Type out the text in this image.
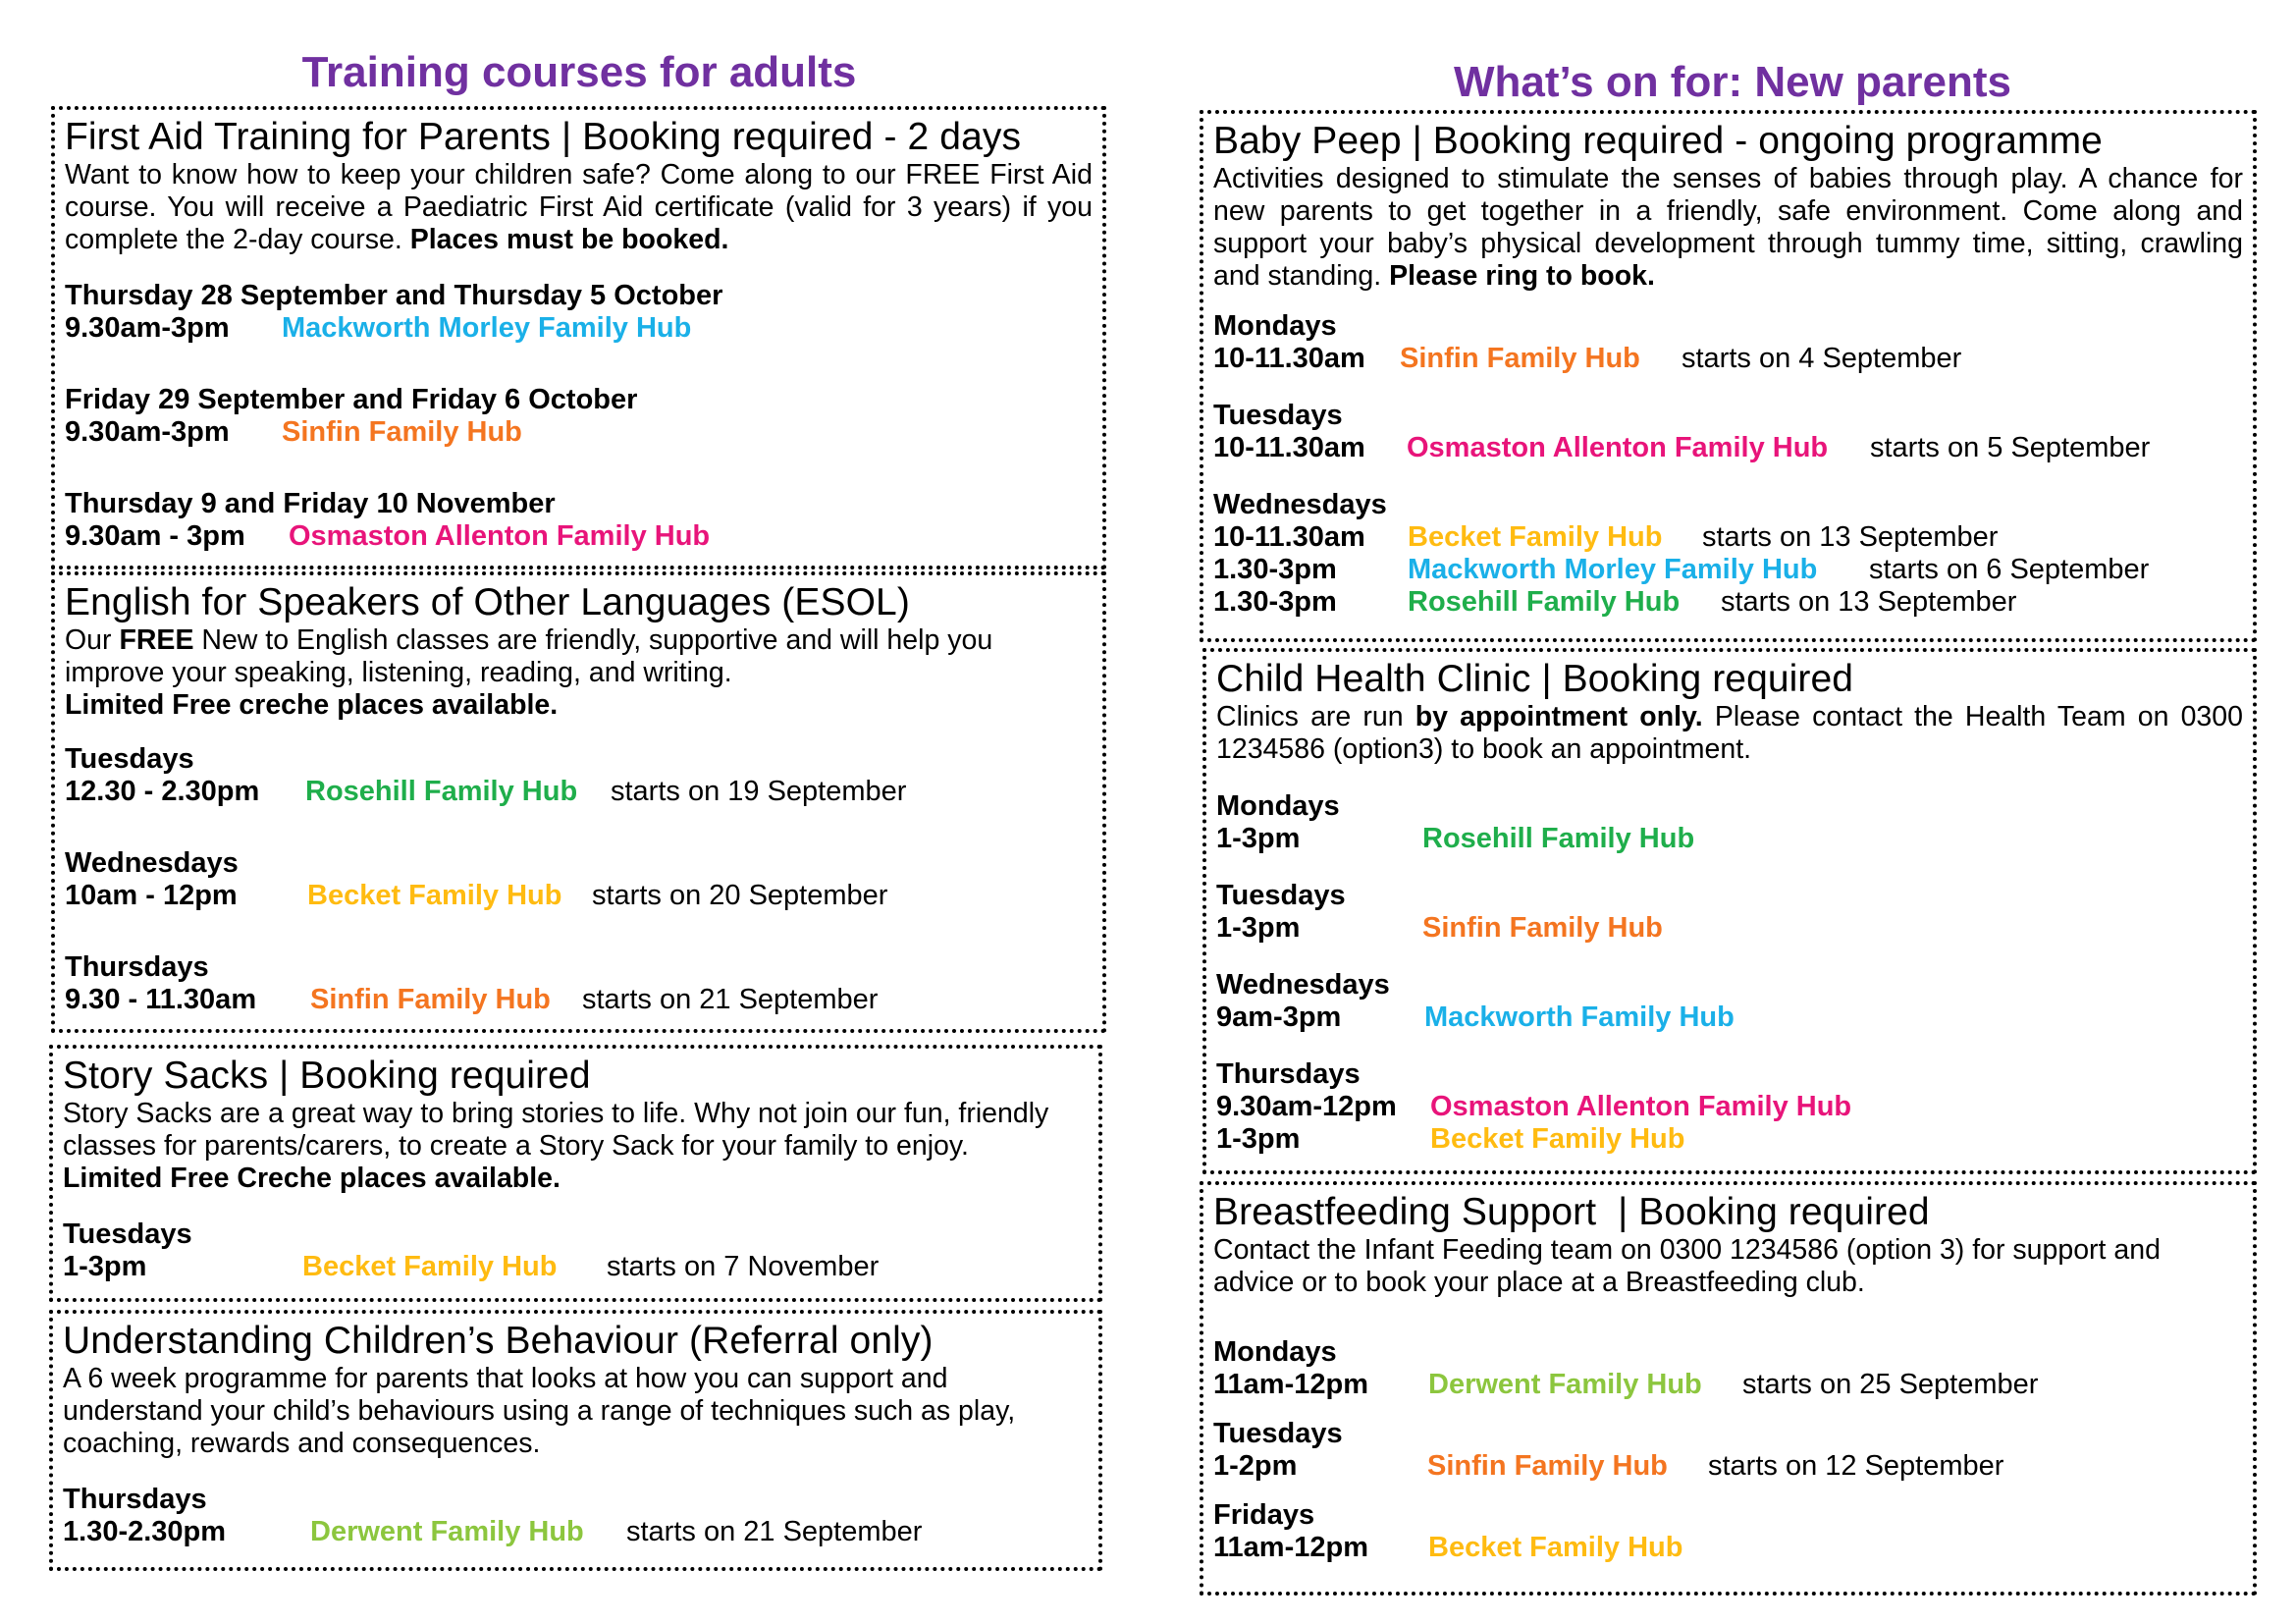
Training courses for adults	What’s on for: New parents
First Aid Training for Parents | Booking required - 2 days

Want to know how to keep your children safe? Come along to our FREE First Aid course. You will receive a Paediatric First Aid certificate (valid for 3 years) if you complete the 2-day course. Places must be booked.

Thursday 28 September and Thursday 5 October
9.30am-3pm Mackworth Morley Family Hub
Friday 29 September and Friday 6 October
9.30am-3pm Sinfin Family Hub
Thursday 9 and Friday 10 November
9.30am - 3pm Osmaston Allenton Family Hub
English for Speakers of Other Languages (ESOL)

Our FREE New to English classes are friendly, supportive and will help you improve your speaking, listening, reading, and writing.
Limited Free creche places available.

Tuesdays
12.30 - 2.30pm Rosehill Family Hub starts on 19 September
Wednesdays
10am - 12pm Becket Family Hub starts on 20 September
Thursdays
9.30 - 11.30am Sinfin Family Hub starts on 21 September
Story Sacks | Booking required

Story Sacks are a great way to bring stories to life. Why not join our fun, friendly classes for parents/carers, to create a Story Sack for your family to enjoy. Limited Free Creche places available.

Tuesdays
1-3pm	Becket Family Hub starts on 7 November
Understanding Children’s Behaviour (Referral only)

A 6 week programme for parents that looks at how you can support and understand your child’s behaviours using a range of techniques such as play, coaching, rewards and consequences.

Thursdays
1.30-2.30pm	Derwent Family Hub starts on 21 September
Baby Peep | Booking required - ongoing programme

Activities designed to stimulate the senses of babies through play. A chance for new parents to get together in a friendly, safe environment. Come along and support your baby’s physical development through tummy time, sitting, crawling and standing. Please ring to book.

Mondays
10-11.30am Sinfin Family Hub starts on 4 September
Tuesdays
10-11.30am Osmaston Allenton Family Hub starts on 5 September
Wednesdays
10-11.30am Becket Family Hub starts on 13 September
1.30-3pm Mackworth Morley Family Hub starts on 6 September
1.30-3pm Rosehill Family Hub starts on 13 September
Child Health Clinic | Booking required

Clinics are run by appointment only. Please contact the Health Team on 0300 1234586 (option3) to book an appointment.

Mondays
1-3pm	Rosehill Family Hub
Tuesdays
1-3pm	Sinfin Family Hub
Wednesdays
9am-3pm	Mackworth Family Hub
Thursdays
9.30am-12pm Osmaston Allenton Family Hub
1-3pm	Becket Family Hub
Breastfeeding Support  | Booking required

Contact the Infant Feeding team on 0300 1234586 (option 3) for support and advice or to book your place at a Breastfeeding club.

Mondays
11am-12pm Derwent Family Hub starts on 25 September
Tuesdays
1-2pm	Sinfin Family Hub starts on 12 September
Fridays
11am-12pm Becket Family Hub
